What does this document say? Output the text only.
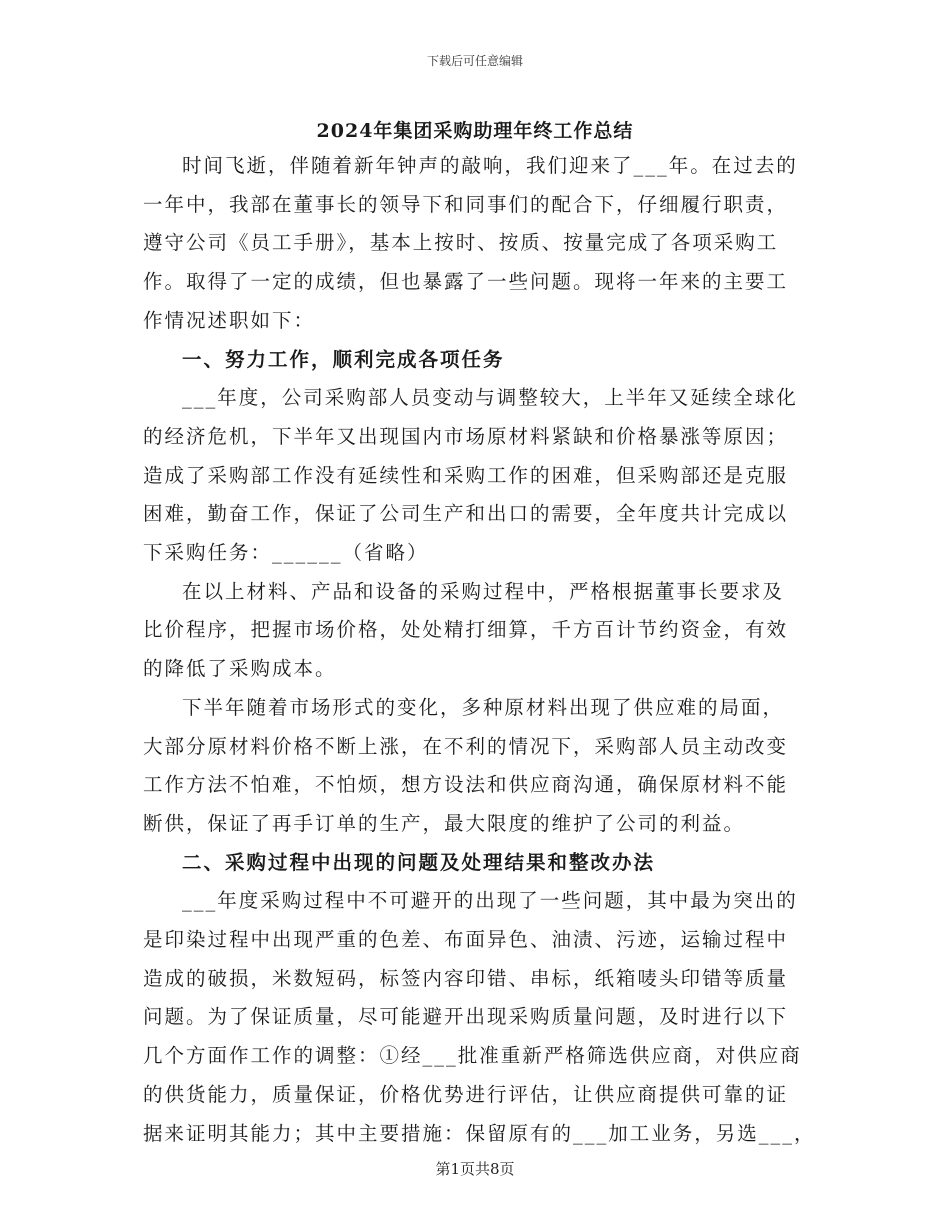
下载后可任意编辑
2024年集团采购助理年终工作总结

时间飞逝，伴随着新年钟声的敲响，我们迎来了___年。在过去的

一年中，我部在董事长的领导下和同事们的配合下，仔细履行职责，

遵守公司《员工手册》，基本上按时、按质、按量完成了各项采购工

作。取得了一定的成绩，但也暴露了一些问题。现将一年来的主要工

作情况述职如下：

一、努力工作，顺利完成各项任务

___年度，公司采购部人员变动与调整较大，上半年又延续全球化

的经济危机，下半年又出现国内市场原材料紧缺和价格暴涨等原因；

造成了采购部工作没有延续性和采购工作的困难，但采购部还是克服

困难，勤奋工作，保证了公司生产和出口的需要，全年度共计完成以

下采购任务：______（省略）

在以上材料、产品和设备的采购过程中，严格根据董事长要求及

比价程序，把握市场价格，处处精打细算，千方百计节约资金，有效

的降低了采购成本。

下半年随着市场形式的变化，多种原材料出现了供应难的局面，

大部分原材料价格不断上涨，在不利的情况下，采购部人员主动改变

工作方法不怕难，不怕烦，想方设法和供应商沟通，确保原材料不能

断供，保证了再手订单的生产，最大限度的维护了公司的利益。

二、采购过程中出现的问题及处理结果和整改办法

___年度采购过程中不可避开的出现了一些问题，其中最为突出的

是印染过程中出现严重的色差、布面异色、油渍、污迹，运输过程中

造成的破损，米数短码，标签内容印错、串标，纸箱唛头印错等质量

问题。为了保证质量，尽可能避开出现采购质量问题，及时进行以下

几个方面作工作的调整：①经___批准重新严格筛选供应商，对供应商

的供货能力，质量保证，价格优势进行评估，让供应商提供可靠的证

据来证明其能力；其中主要措施：保留原有的___加工业务，另选___，

第1页共8页
